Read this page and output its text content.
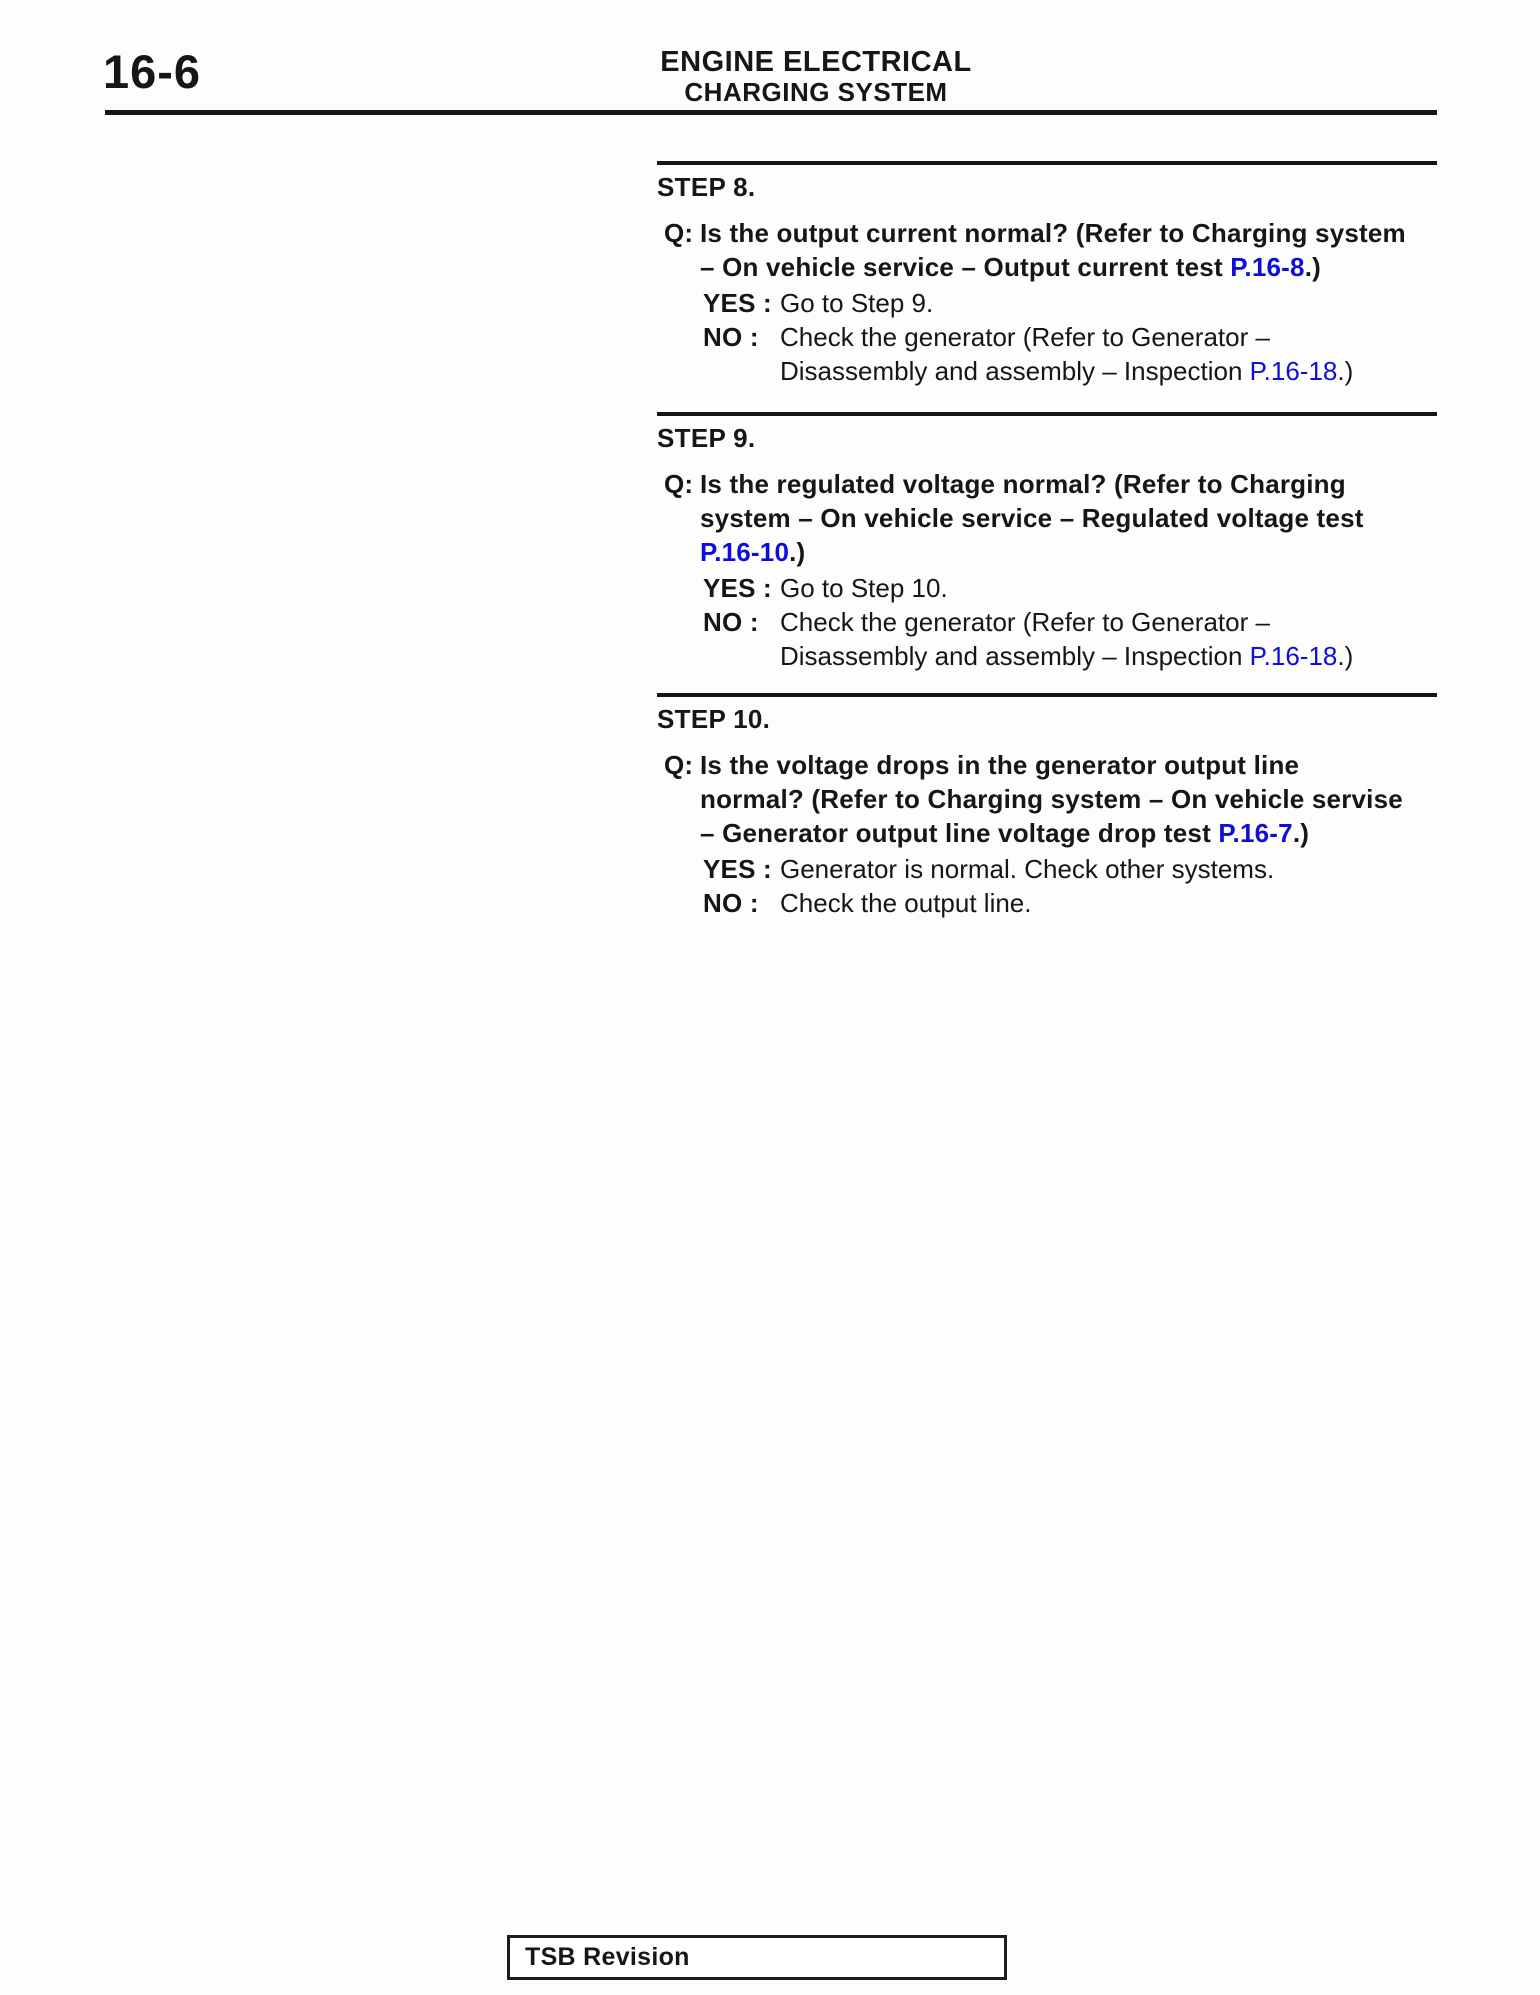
16-6	ENGINE ELECTRICAL
CHARGING SYSTEM
STEP 8.
Q: Is the output current normal? (Refer to Charging system
– On vehicle service – Output current test P.16-8.)
YES : Go to Step 9.
NO : Check the generator (Refer to Generator –
Disassembly and assembly – Inspection P.16-18.)
STEP 9.
Q: Is the regulated voltage normal? (Refer to Charging
system – On vehicle service – Regulated voltage test
P.16-10.)
YES : Go to Step 10.
NO : Check the generator (Refer to Generator –
Disassembly and assembly – Inspection P.16-18.)
STEP 10.
Q: Is the voltage drops in the generator output line
normal? (Refer to Charging system – On vehicle servise
– Generator output line voltage drop test P.16-7.)
YES : Generator is normal. Check other systems.
NO : Check the output line.
TSB Revision
